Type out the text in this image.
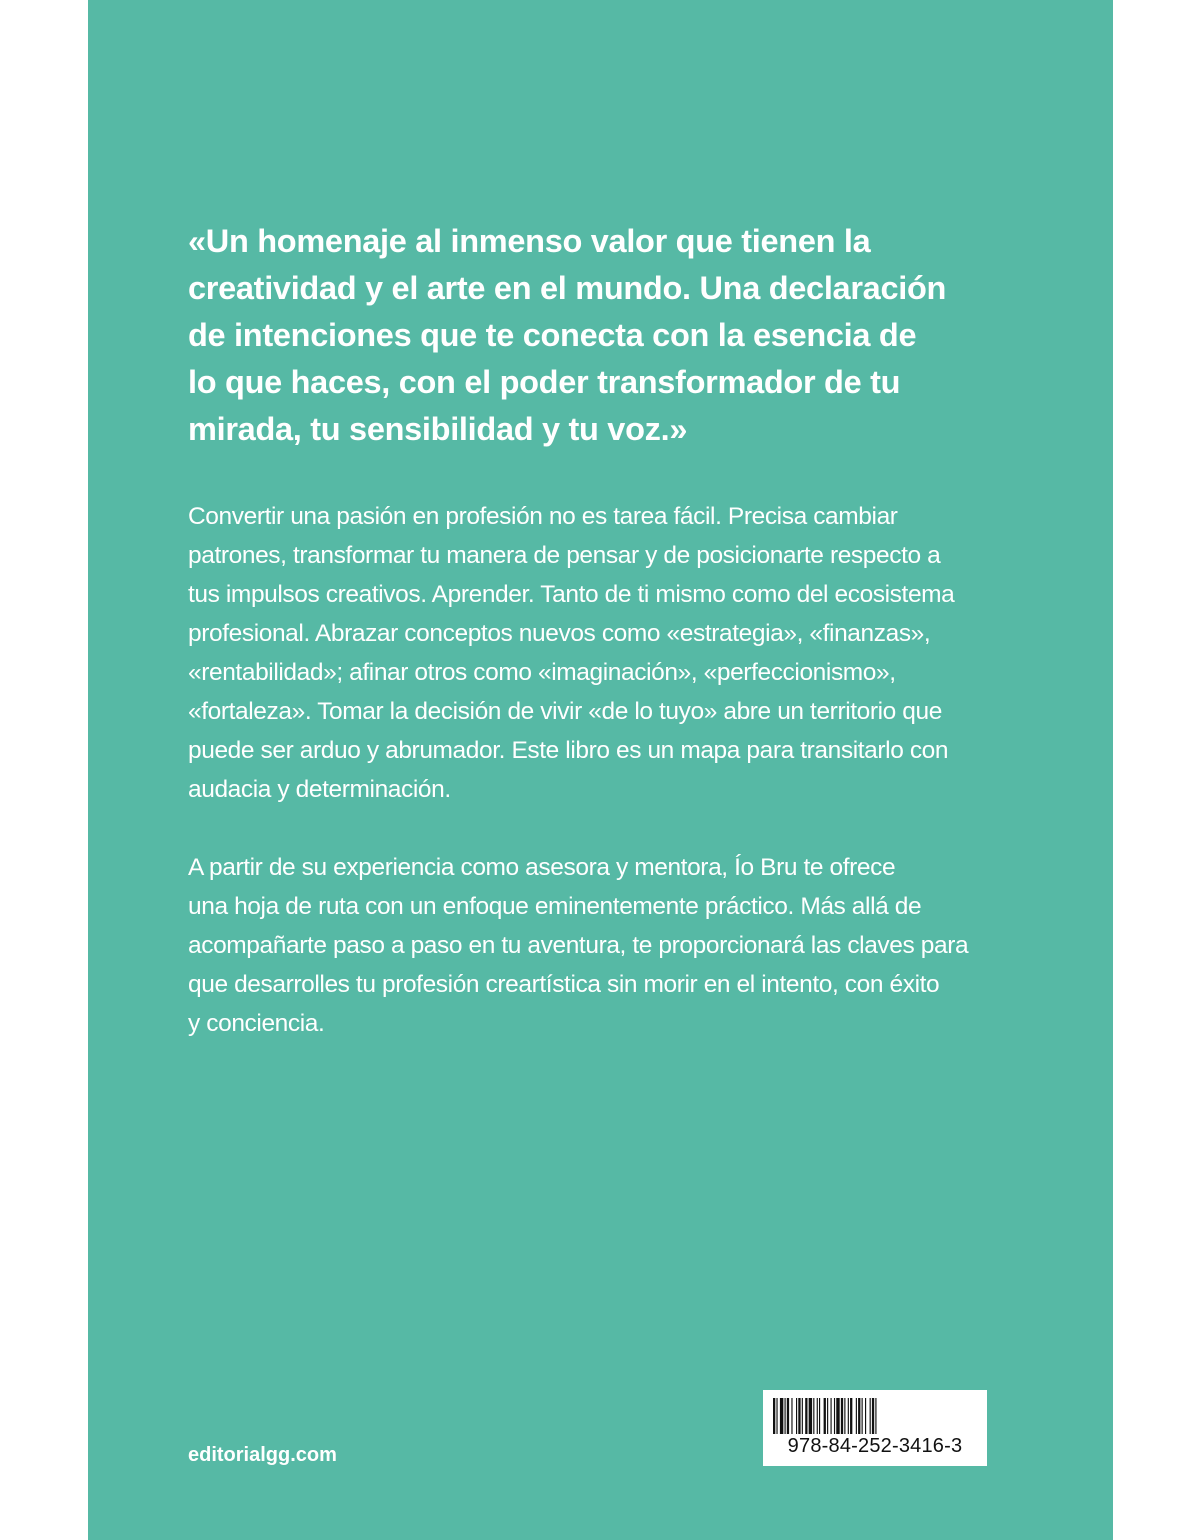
«Un homenaje al inmenso valor que tienen la
creatividad y el arte en el mundo. Una declaración
de intenciones que te conecta con la esencia de
lo que haces, con el poder transformador de tu
mirada, tu sensibilidad y tu voz.»

Convertir una pasión en profesión no es tarea fácil. Precisa cambiar
patrones, transformar tu manera de pensar y de posicionarte respecto a
tus impulsos creativos. Aprender. Tanto de ti mismo como del ecosistema
profesional. Abrazar conceptos nuevos como «estrategia», «finanzas»,
«rentabilidad»; afinar otros como «imaginación», «perfeccionismo»,
«fortaleza». Tomar la decisión de vivir «de lo tuyo» abre un territorio que
puede ser arduo y abrumador. Este libro es un mapa para transitarlo con
audacia y determinación.

A partir de su experiencia como asesora y mentora, Ío Bru te ofrece
una hoja de ruta con un enfoque eminentemente práctico. Más allá de
acompañarte paso a paso en tu aventura, te proporcionará las claves para
que desarrolles tu profesión creartística sin morir en el intento, con éxito
y conciencia.

editorialgg.com	978-84-252-3416-3
